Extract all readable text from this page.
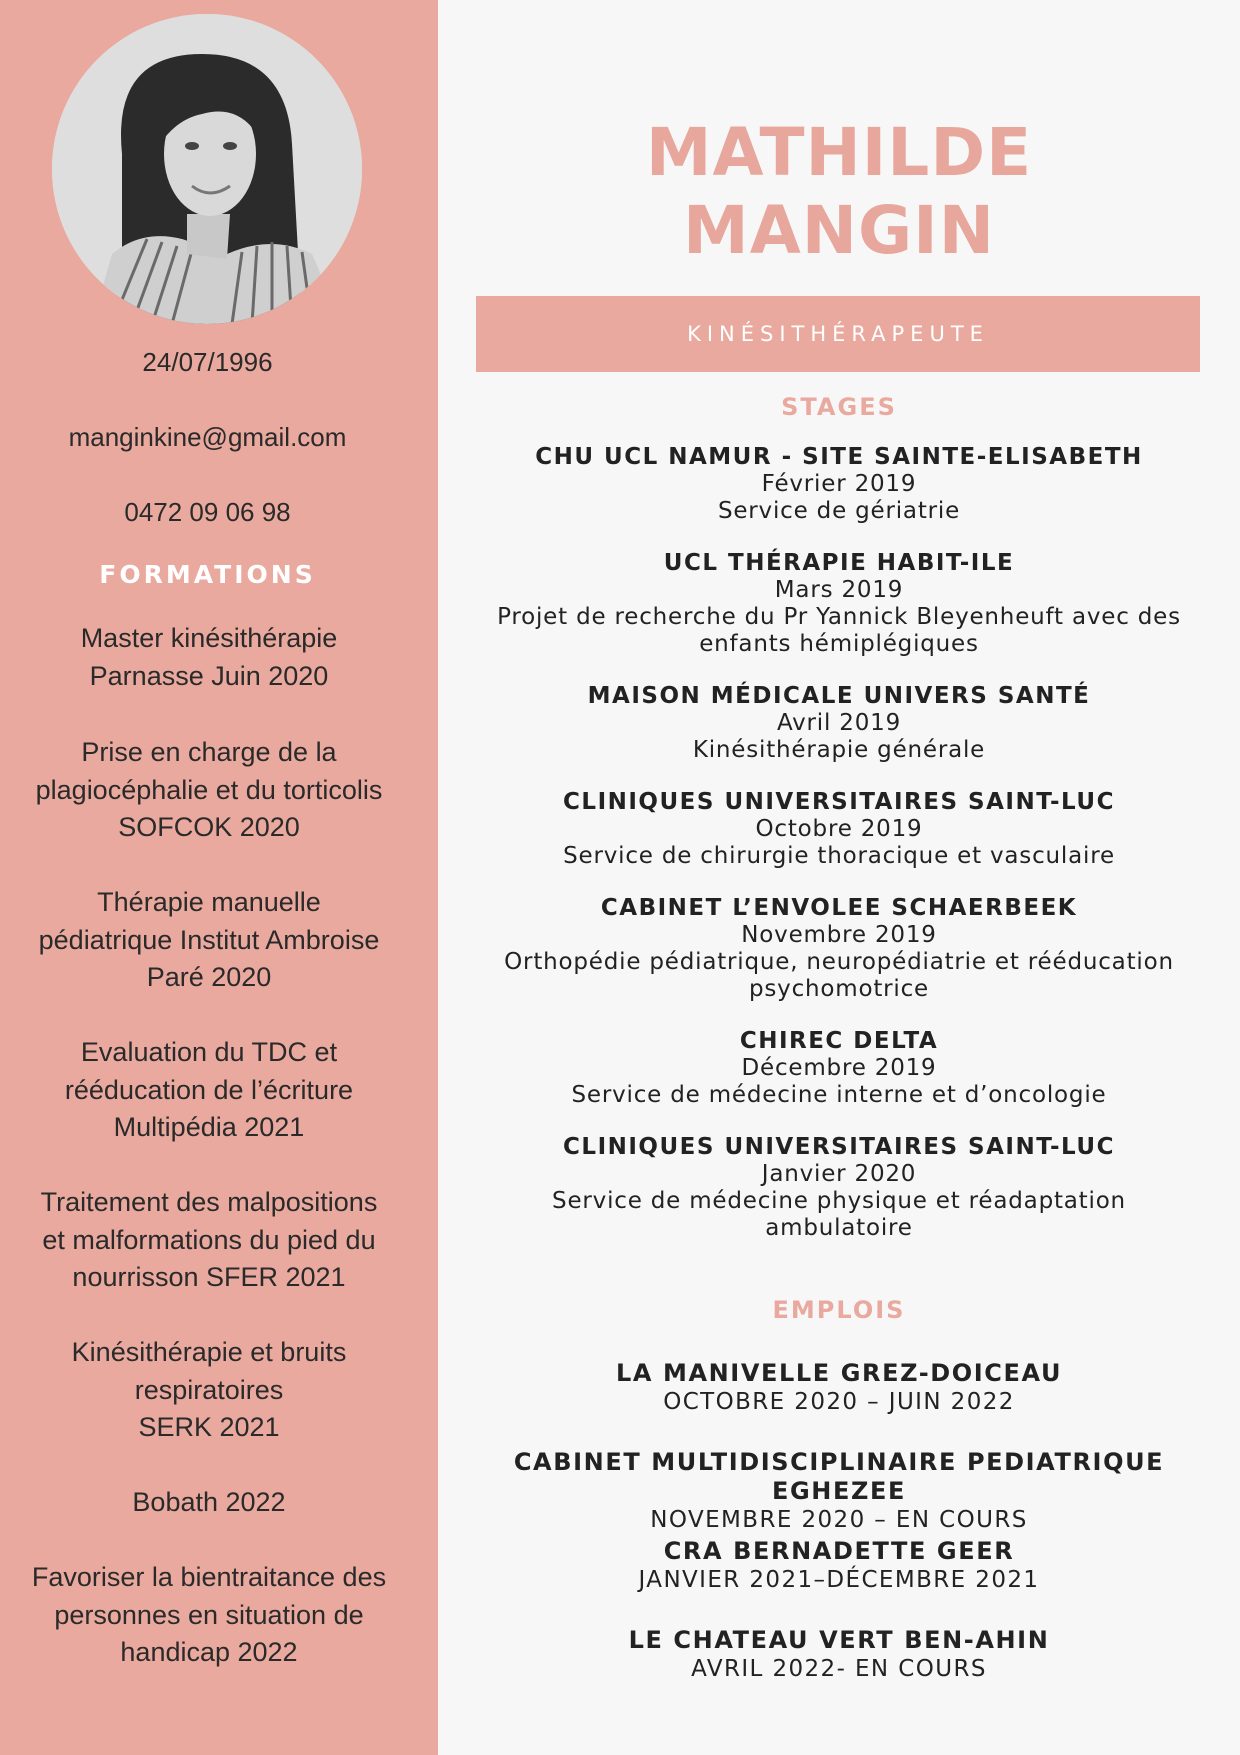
24/07/1996
manginkine@gmail.com
0472 09 06 98
FORMATIONS
Master kinésithérapie
Parnasse Juin 2020
Prise en charge de la
plagiocéphalie et du torticolis
SOFCOK 2020
Thérapie manuelle
pédiatrique Institut Ambroise
Paré 2020
Evaluation du TDC et
rééducation de l’écriture
Multipédia 2021
Traitement des malpositions
et malformations du pied du
nourrisson SFER 2021
Kinésithérapie et bruits
respiratoires
SERK 2021
Bobath 2022
Favoriser la bientraitance des
personnes en situation de
handicap 2022
MATHILDE
MANGIN
KINÉSITHÉRAPEUTE
STAGES
CHU UCL NAMUR - SITE SAINTE-ELISABETH
Février 2019
Service de gériatrie
UCL THÉRAPIE HABIT-ILE
Mars 2019
Projet de recherche du Pr Yannick Bleyenheuft avec des
enfants hémiplégiques
MAISON MÉDICALE UNIVERS SANTÉ
Avril 2019
Kinésithérapie générale
CLINIQUES UNIVERSITAIRES SAINT-LUC
Octobre 2019
Service de chirurgie thoracique et vasculaire
CABINET L’ENVOLEE SCHAERBEEK
Novembre 2019
Orthopédie pédiatrique, neuropédiatrie et rééducation
psychomotrice
CHIREC DELTA
Décembre 2019
Service de médecine interne et d’oncologie
CLINIQUES UNIVERSITAIRES SAINT-LUC
Janvier 2020
Service de médecine physique et réadaptation
ambulatoire
EMPLOIS
LA MANIVELLE GREZ-DOICEAU
OCTOBRE 2020 – JUIN 2022
CABINET MULTIDISCIPLINAIRE PEDIATRIQUE EGHEZEE
NOVEMBRE 2020 – EN COURS
CRA BERNADETTE GEER
JANVIER 2021–DÉCEMBRE 2021
LE CHATEAU VERT BEN-AHIN
AVRIL 2022- EN COURS
